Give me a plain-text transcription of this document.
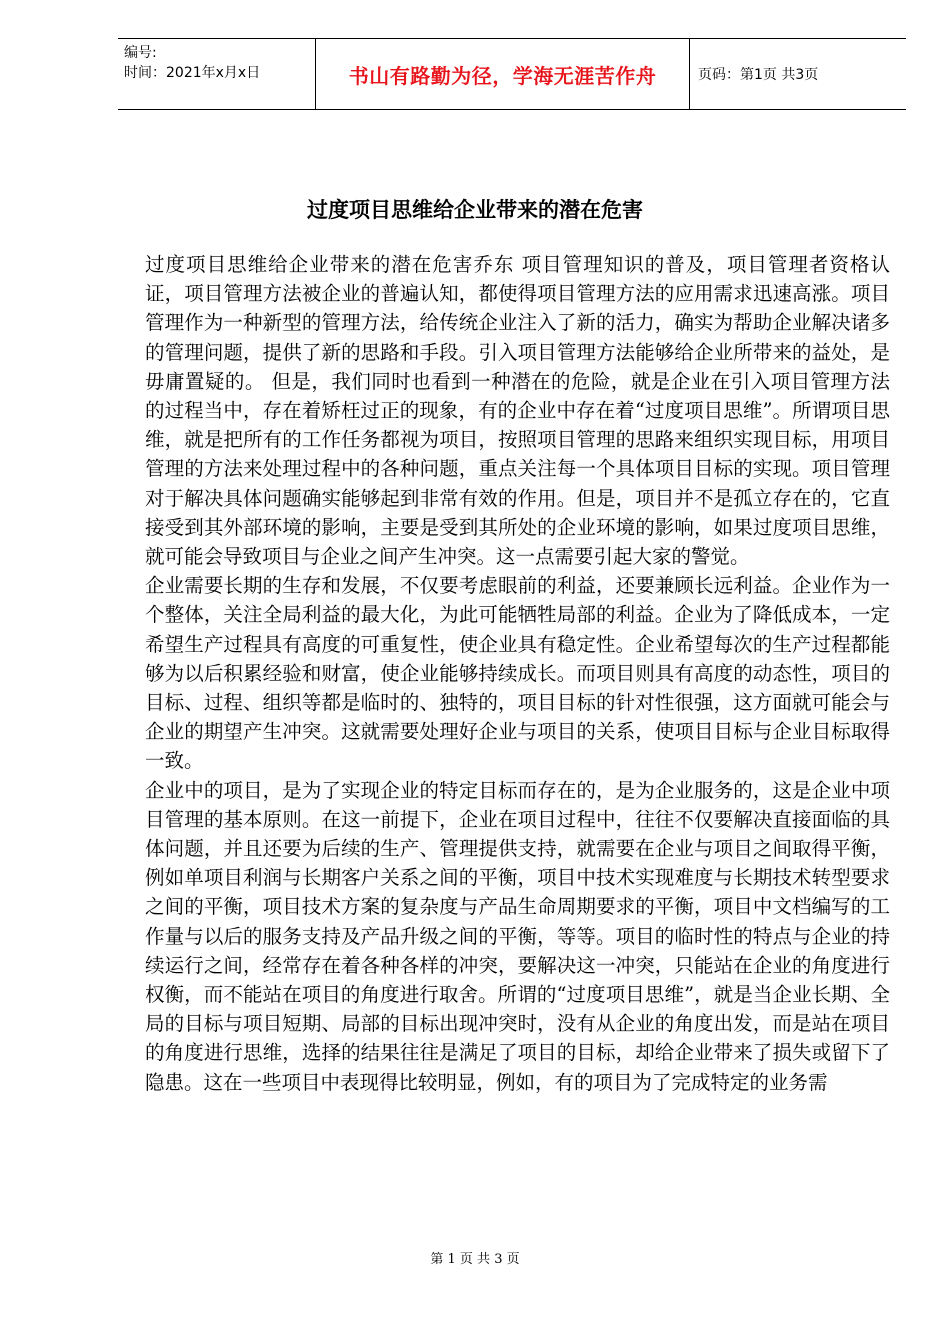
编号:
时间：2021年x月x日	书山有路勤为径，学海无涯苦作舟	页码：第1页 共3页
过度项目思维给企业带来的潜在危害

过度项目思维给企业带来的潜在危害乔东 项目管理知识的普及，项目管理者资格认证，项目管理方法被企业的普遍认知，都使得项目管理方法的应用需求迅速高涨。项目管理作为一种新型的管理方法，给传统企业注入了新的活力，确实为帮助企业解决诸多的管理问题，提供了新的思路和手段。引入项目管理方法能够给企业所带来的益处，是毋庸置疑的。 但是，我们同时也看到一种潜在的危险，就是企业在引入项目管理方法的过程当中，存在着矫枉过正的现象，有的企业中存在着“过度项目思维”。所谓项目思维，就是把所有的工作任务都视为项目，按照项目管理的思路来组织实现目标，用项目管理的方法来处理过程中的各种问题，重点关注每一个具体项目目标的实现。项目管理对于解决具体问题确实能够起到非常有效的作用。但是，项目并不是孤立存在的，它直接受到其外部环境的影响，主要是受到其所处的企业环境的影响，如果过度项目思维，就可能会导致项目与企业之间产生冲突。这一点需要引起大家的警觉。

企业需要长期的生存和发展，不仅要考虑眼前的利益，还要兼顾长远利益。企业作为一个整体，关注全局利益的最大化，为此可能牺牲局部的利益。企业为了降低成本，一定希望生产过程具有高度的可重复性，使企业具有稳定性。企业希望每次的生产过程都能够为以后积累经验和财富，使企业能够持续成长。而项目则具有高度的动态性，项目的目标、过程、组织等都是临时的、独特的，项目目标的针对性很强，这方面就可能会与企业的期望产生冲突。这就需要处理好企业与项目的关系，使项目目标与企业目标取得一致。

企业中的项目，是为了实现企业的特定目标而存在的，是为企业服务的，这是企业中项目管理的基本原则。在这一前提下，企业在项目过程中，往往不仅要解决直接面临的具体问题，并且还要为后续的生产、管理提供支持，就需要在企业与项目之间取得平衡，例如单项目利润与长期客户关系之间的平衡，项目中技术实现难度与长期技术转型要求之间的平衡，项目技术方案的复杂度与产品生命周期要求的平衡，项目中文档编写的工作量与以后的服务支持及产品升级之间的平衡，等等。项目的临时性的特点与企业的持续运行之间，经常存在着各种各样的冲突，要解决这一冲突，只能站在企业的角度进行权衡，而不能站在项目的角度进行取舍。所谓的“过度项目思维”，就是当企业长期、全局的目标与项目短期、局部的目标出现冲突时，没有从企业的角度出发，而是站在项目的角度进行思维，选择的结果往往是满足了项目的目标，却给企业带来了损失或留下了隐患。这在一些项目中表现得比较明显，例如，有的项目为了完成特定的业务需

第 1 页 共 3 页
